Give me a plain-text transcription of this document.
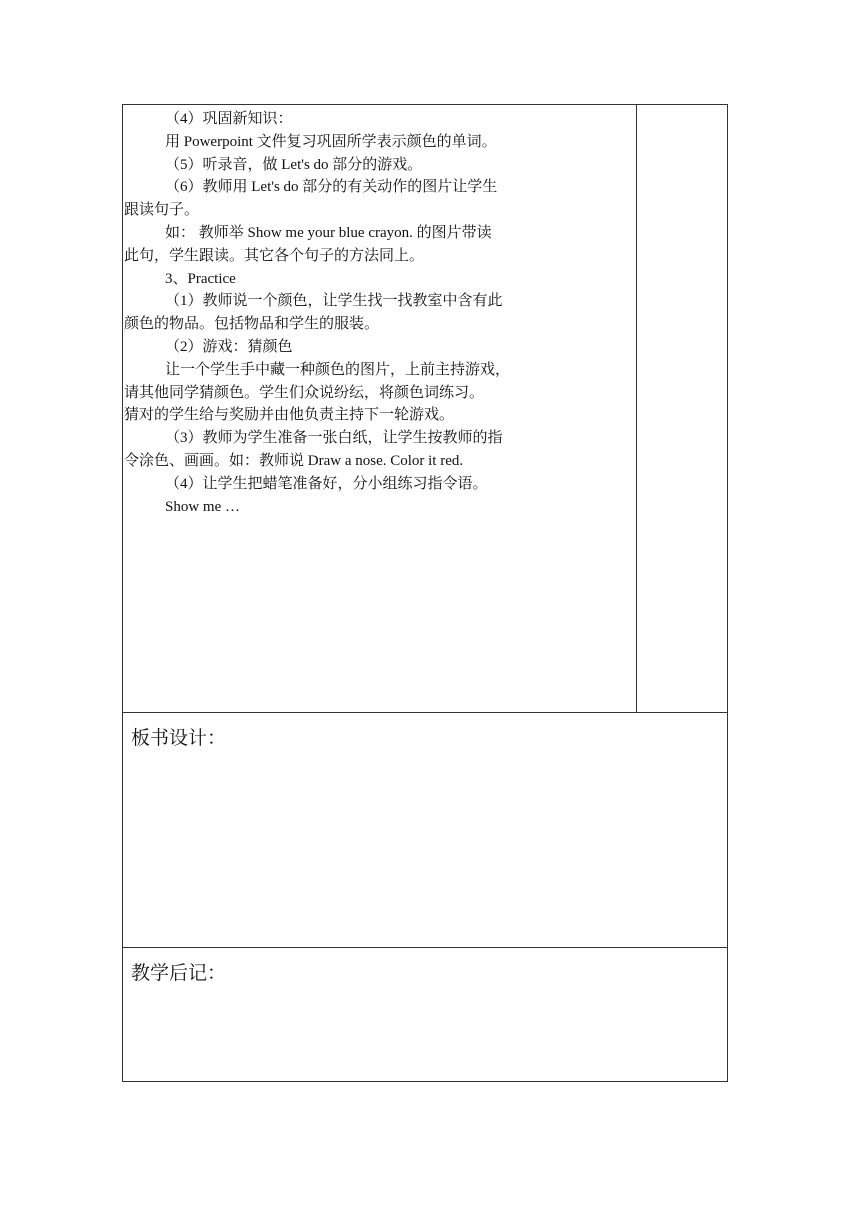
（4）巩固新知识：
用 Powerpoint 文件复习巩固所学表示颜色的单词。
（5）听录音，做 Let's do 部分的游戏。
（6）教师用 Let's do 部分的有关动作的图片让学生
跟读句子。
如： 教师举 Show me your blue crayon. 的图片带读
此句，学生跟读。其它各个句子的方法同上。
3、Practice
（1）教师说一个颜色，让学生找一找教室中含有此
颜色的物品。包括物品和学生的服装。
（2）游戏：猜颜色
让一个学生手中藏一种颜色的图片，上前主持游戏，
请其他同学猜颜色。学生们众说纷纭，将颜色词练习。
猜对的学生给与奖励并由他负责主持下一轮游戏。
（3）教师为学生准备一张白纸，让学生按教师的指
令涂色、画画。如：教师说 Draw a nose. Color it red.
（4）让学生把蜡笔准备好，分小组练习指令语。
Show me …
板书设计：
教学后记：
